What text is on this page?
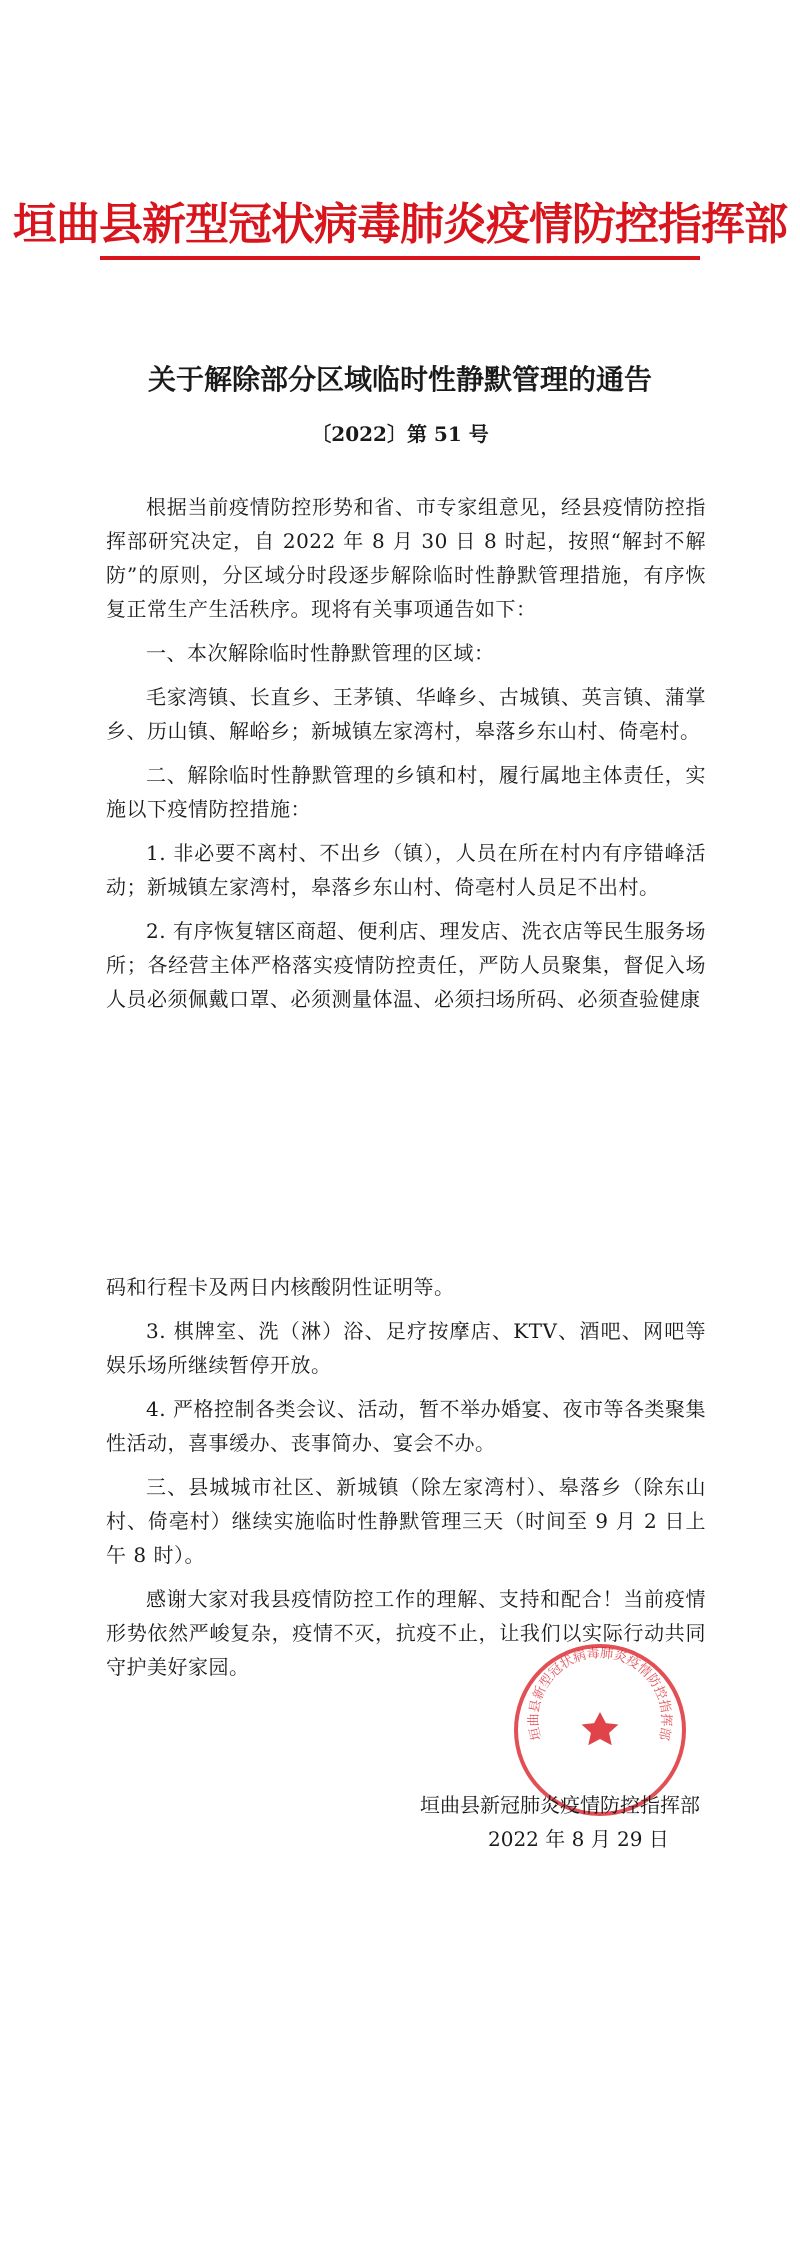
垣曲县新型冠状病毒肺炎疫情防控指挥部
关于解除部分区域临时性静默管理的通告
〔2022〕第 51 号

根据当前疫情防控形势和省、市专家组意见，经县疫情防控指挥部研究决定，自 2022 年 8 月 30 日 8 时起，按照“解封不解防”的原则，分区域分时段逐步解除临时性静默管理措施，有序恢复正常生产生活秩序。现将有关事项通告如下：

一、本次解除临时性静默管理的区域：

毛家湾镇、长直乡、王茅镇、华峰乡、古城镇、英言镇、蒲掌乡、历山镇、解峪乡；新城镇左家湾村，皋落乡东山村、倚亳村。

二、解除临时性静默管理的乡镇和村，履行属地主体责任，实施以下疫情防控措施：

1. 非必要不离村、不出乡（镇），人员在所在村内有序错峰活动；新城镇左家湾村，皋落乡东山村、倚亳村人员足不出村。

2. 有序恢复辖区商超、便利店、理发店、洗衣店等民生服务场所；各经营主体严格落实疫情防控责任，严防人员聚集，督促入场人员必须佩戴口罩、必须测量体温、必须扫场所码、必须查验健康

码和行程卡及两日内核酸阴性证明等。

3. 棋牌室、洗（淋）浴、足疗按摩店、KTV、酒吧、网吧等娱乐场所继续暂停开放。

4. 严格控制各类会议、活动，暂不举办婚宴、夜市等各类聚集性活动，喜事缓办、丧事简办、宴会不办。

三、县城城市社区、新城镇（除左家湾村）、皋落乡（除东山村、倚亳村）继续实施临时性静默管理三天（时间至 9 月 2 日上午 8 时）。

感谢大家对我县疫情防控工作的理解、支持和配合！当前疫情形势依然严峻复杂，疫情不灭，抗疫不止，让我们以实际行动共同守护美好家园。

垣曲县新型冠状病毒肺炎疫情防控指挥部
垣曲县新冠肺炎疫情防控指挥部
2022 年 8 月 29 日
